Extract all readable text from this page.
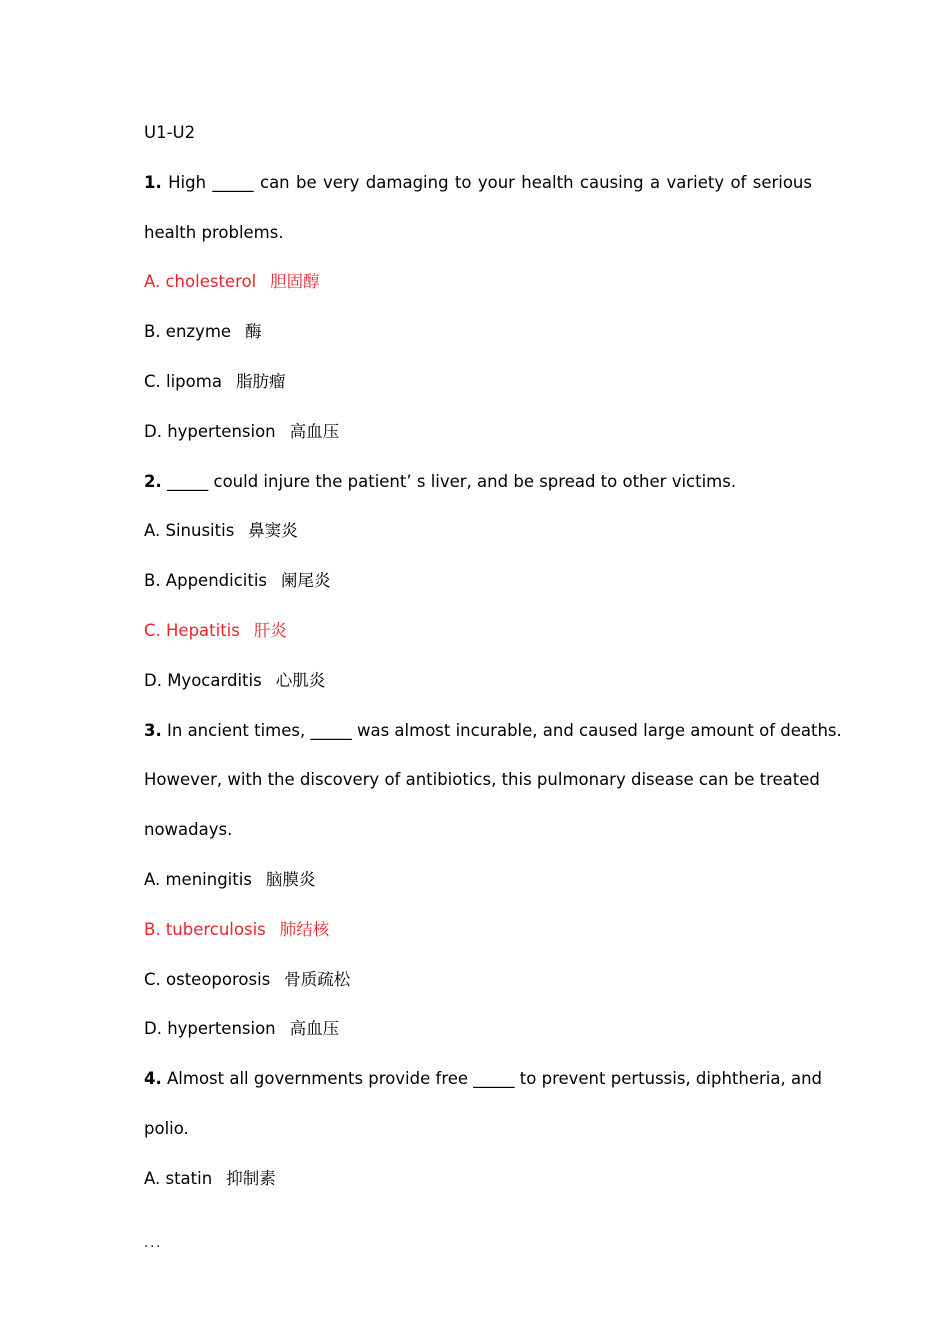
U1-U2
1. High _____ can be very damaging to your health causing a variety of serious
health problems.
A. cholesterol 胆固醇
B. enzyme 酶
C. lipoma 脂肪瘤
D. hypertension 高血压
2. _____ could injure the patient’ s liver, and be spread to other victims.
A. Sinusitis 鼻窦炎
B. Appendicitis 阑尾炎
C. Hepatitis 肝炎
D. Myocarditis 心肌炎
3. In ancient times, _____ was almost incurable, and caused large amount of deaths.
However, with the discovery of antibiotics, this pulmonary disease can be treated
nowadays.
A. meningitis 脑膜炎
B. tuberculosis 肺结核
C. osteoporosis 骨质疏松
D. hypertension 高血压
4. Almost all governments provide free _____ to prevent pertussis, diphtheria, and
polio.
A. statin 抑制素
...
